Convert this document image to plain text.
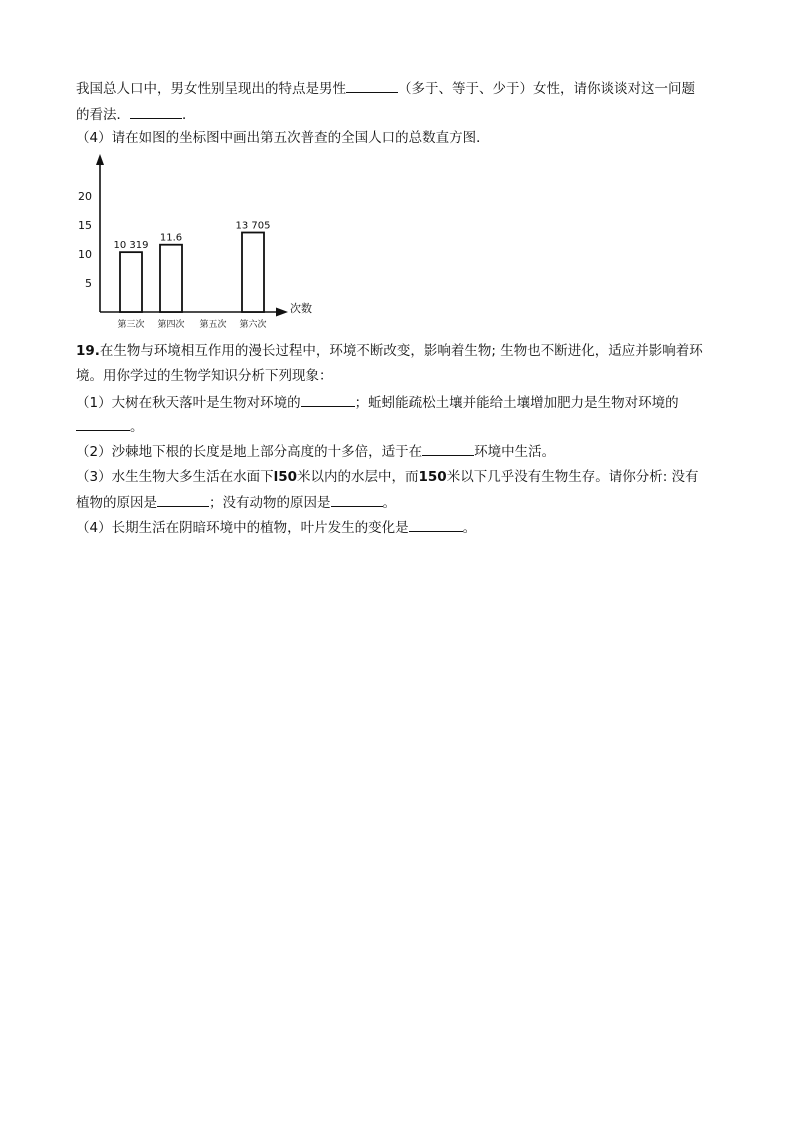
我国总人口中，男女性别呈现出的特点是男性	（多于、等于、少于）女性，请你谈谈对这一问题
的看法．	．
（4）请在如图的坐标图中画出第五次普查的全国人口的总数直方图．
5
10
15
20
10 319
11.6
13 705
第三次 第四次 第五次 第六次
次数
19.在生物与环境相互作用的漫长过程中，环境不断改变，影响着生物; 生物也不断进化，适应并影响着环
境。用你学过的生物学知识分析下列现象：
（1）大树在秋天落叶是生物对环境的	；蚯蚓能疏松土壤并能给土壤增加肥力是生物对环境的
。
（2）沙棘地下根的长度是地上部分高度的十多倍，适于在	环境中生活。
（3）水生生物大多生活在水面下l50米以内的水层中，而150米以下几乎没有生物生存。请你分析: 没有
植物的原因是	；没有动物的原因是	。
（4）长期生活在阴暗环境中的植物，叶片发生的变化是	。
